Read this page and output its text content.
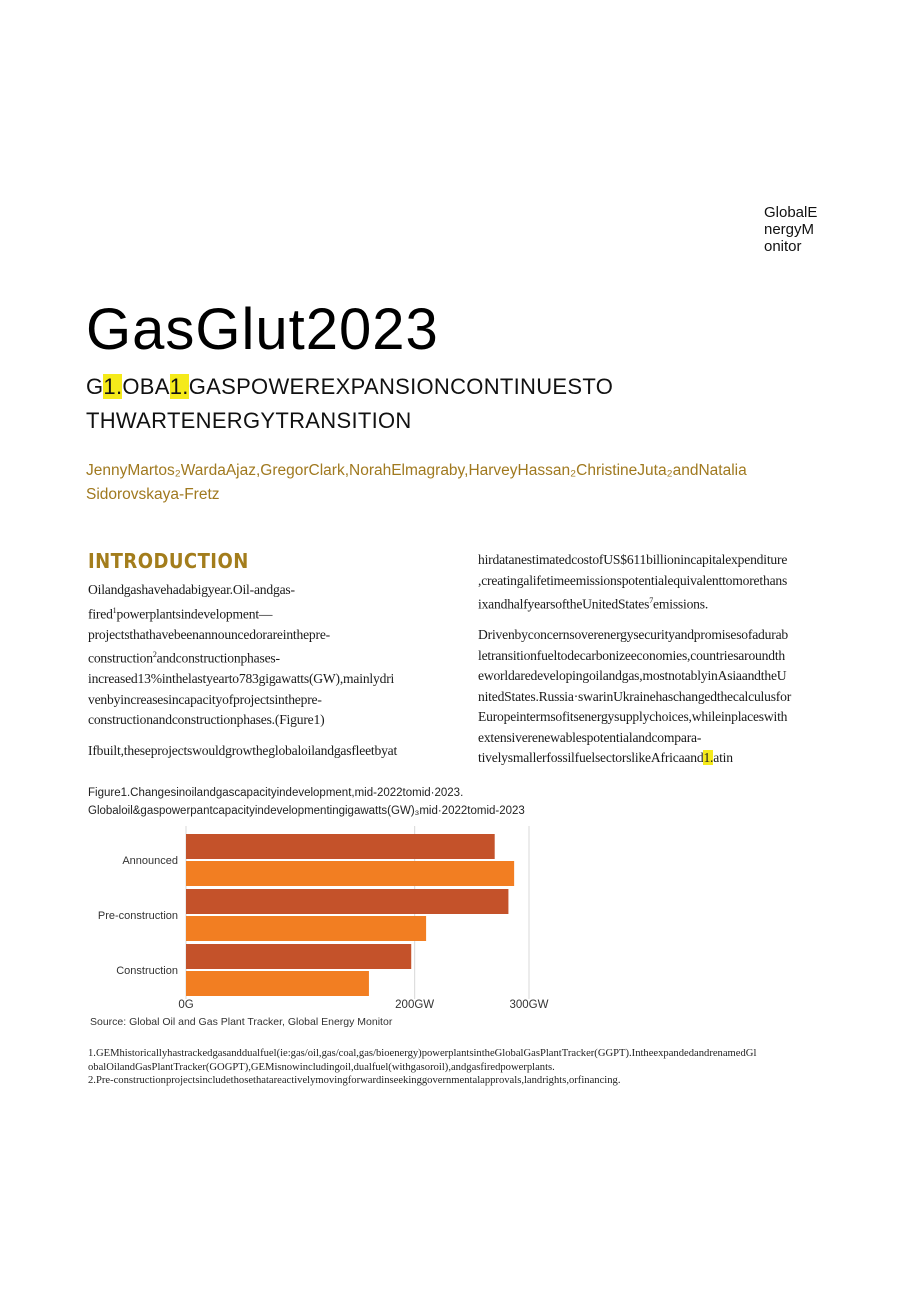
GlobalE nergyM onitor
GasGlut2023
G1.OBA1.GASPOWEREXPANSIONCONTINUESTO THWARTENERGYTRANSITION
JennyMartos₂WardaAjaz,GregorClark,NorahElmagraby,HarveyHassan₂ChristineJuta₂andNatalia Sidorovskaya-Fretz
INTRODUCTION

Oilandgashavehadabigyear.Oil-andgas- fired$^1$powerplantsindevelopment— projectsthathavebeenannouncedorareinthepre- construction$^2$andconstructionphases- increased13%inthelastyearto783gigawatts(GW),mainlydri venbyincreasesincapacityofprojectsinthepre- constructionandconstructionphases.(Figure1)

Ifbuilt,theseprojectswouldgrowtheglobaloilandgasfleetbyat

hirdatanestimatedcostofUS$611billionincapitalexpenditure ,creatingalifetimeemissionspotentialequivalenttomorethans ixandhalfyearsoftheUnitedStates$^7$emissions.

Drivenbyconcernsoverenergysecurityandpromisesofadurab letransitionfueltodecarbonizeeconomies,countriesaroundth eworldaredevelopingoilandgas,mostnotablyinAsiaandtheU nitedStates.Russia·swarinUkrainehaschangedthecalculusfor Europeintermsofitsenergysupplychoices,whileinplaceswith extensiverenewablespotentialandcompara- tivelysmallerfossilfuelsectorslikeAfricaand1.atin

Figure1.Changesinoilandgascapacityindevelopment,mid-2022tomid·2023.
Globaloil&gaspowerpantcapacityindevelopmentingigawatts(GW)₃mid·2022tomid-2023
Announced
Pre-construction
Construction
0G	200GW	300GW
Source: Global Oil and Gas Plant Tracker, Global Energy Monitor
1.GEMhistoricallyhastrackedgasanddualfuel(ie:gas/oil,gas/coal,gas/bioenergy)powerplantsintheGlobalGasPlantTracker(GGPT).IntheexpandedandrenamedGl obalOilandGasPlantTracker(GOGPT),GEMisnowincludingoil,dualfuel(withgasoroil),andgasfiredpowerplants.
2.Pre-constructionprojectsincludethosethatareactivelymovingforwardinseekinggovernmentalapprovals,landrights,orfinancing.
